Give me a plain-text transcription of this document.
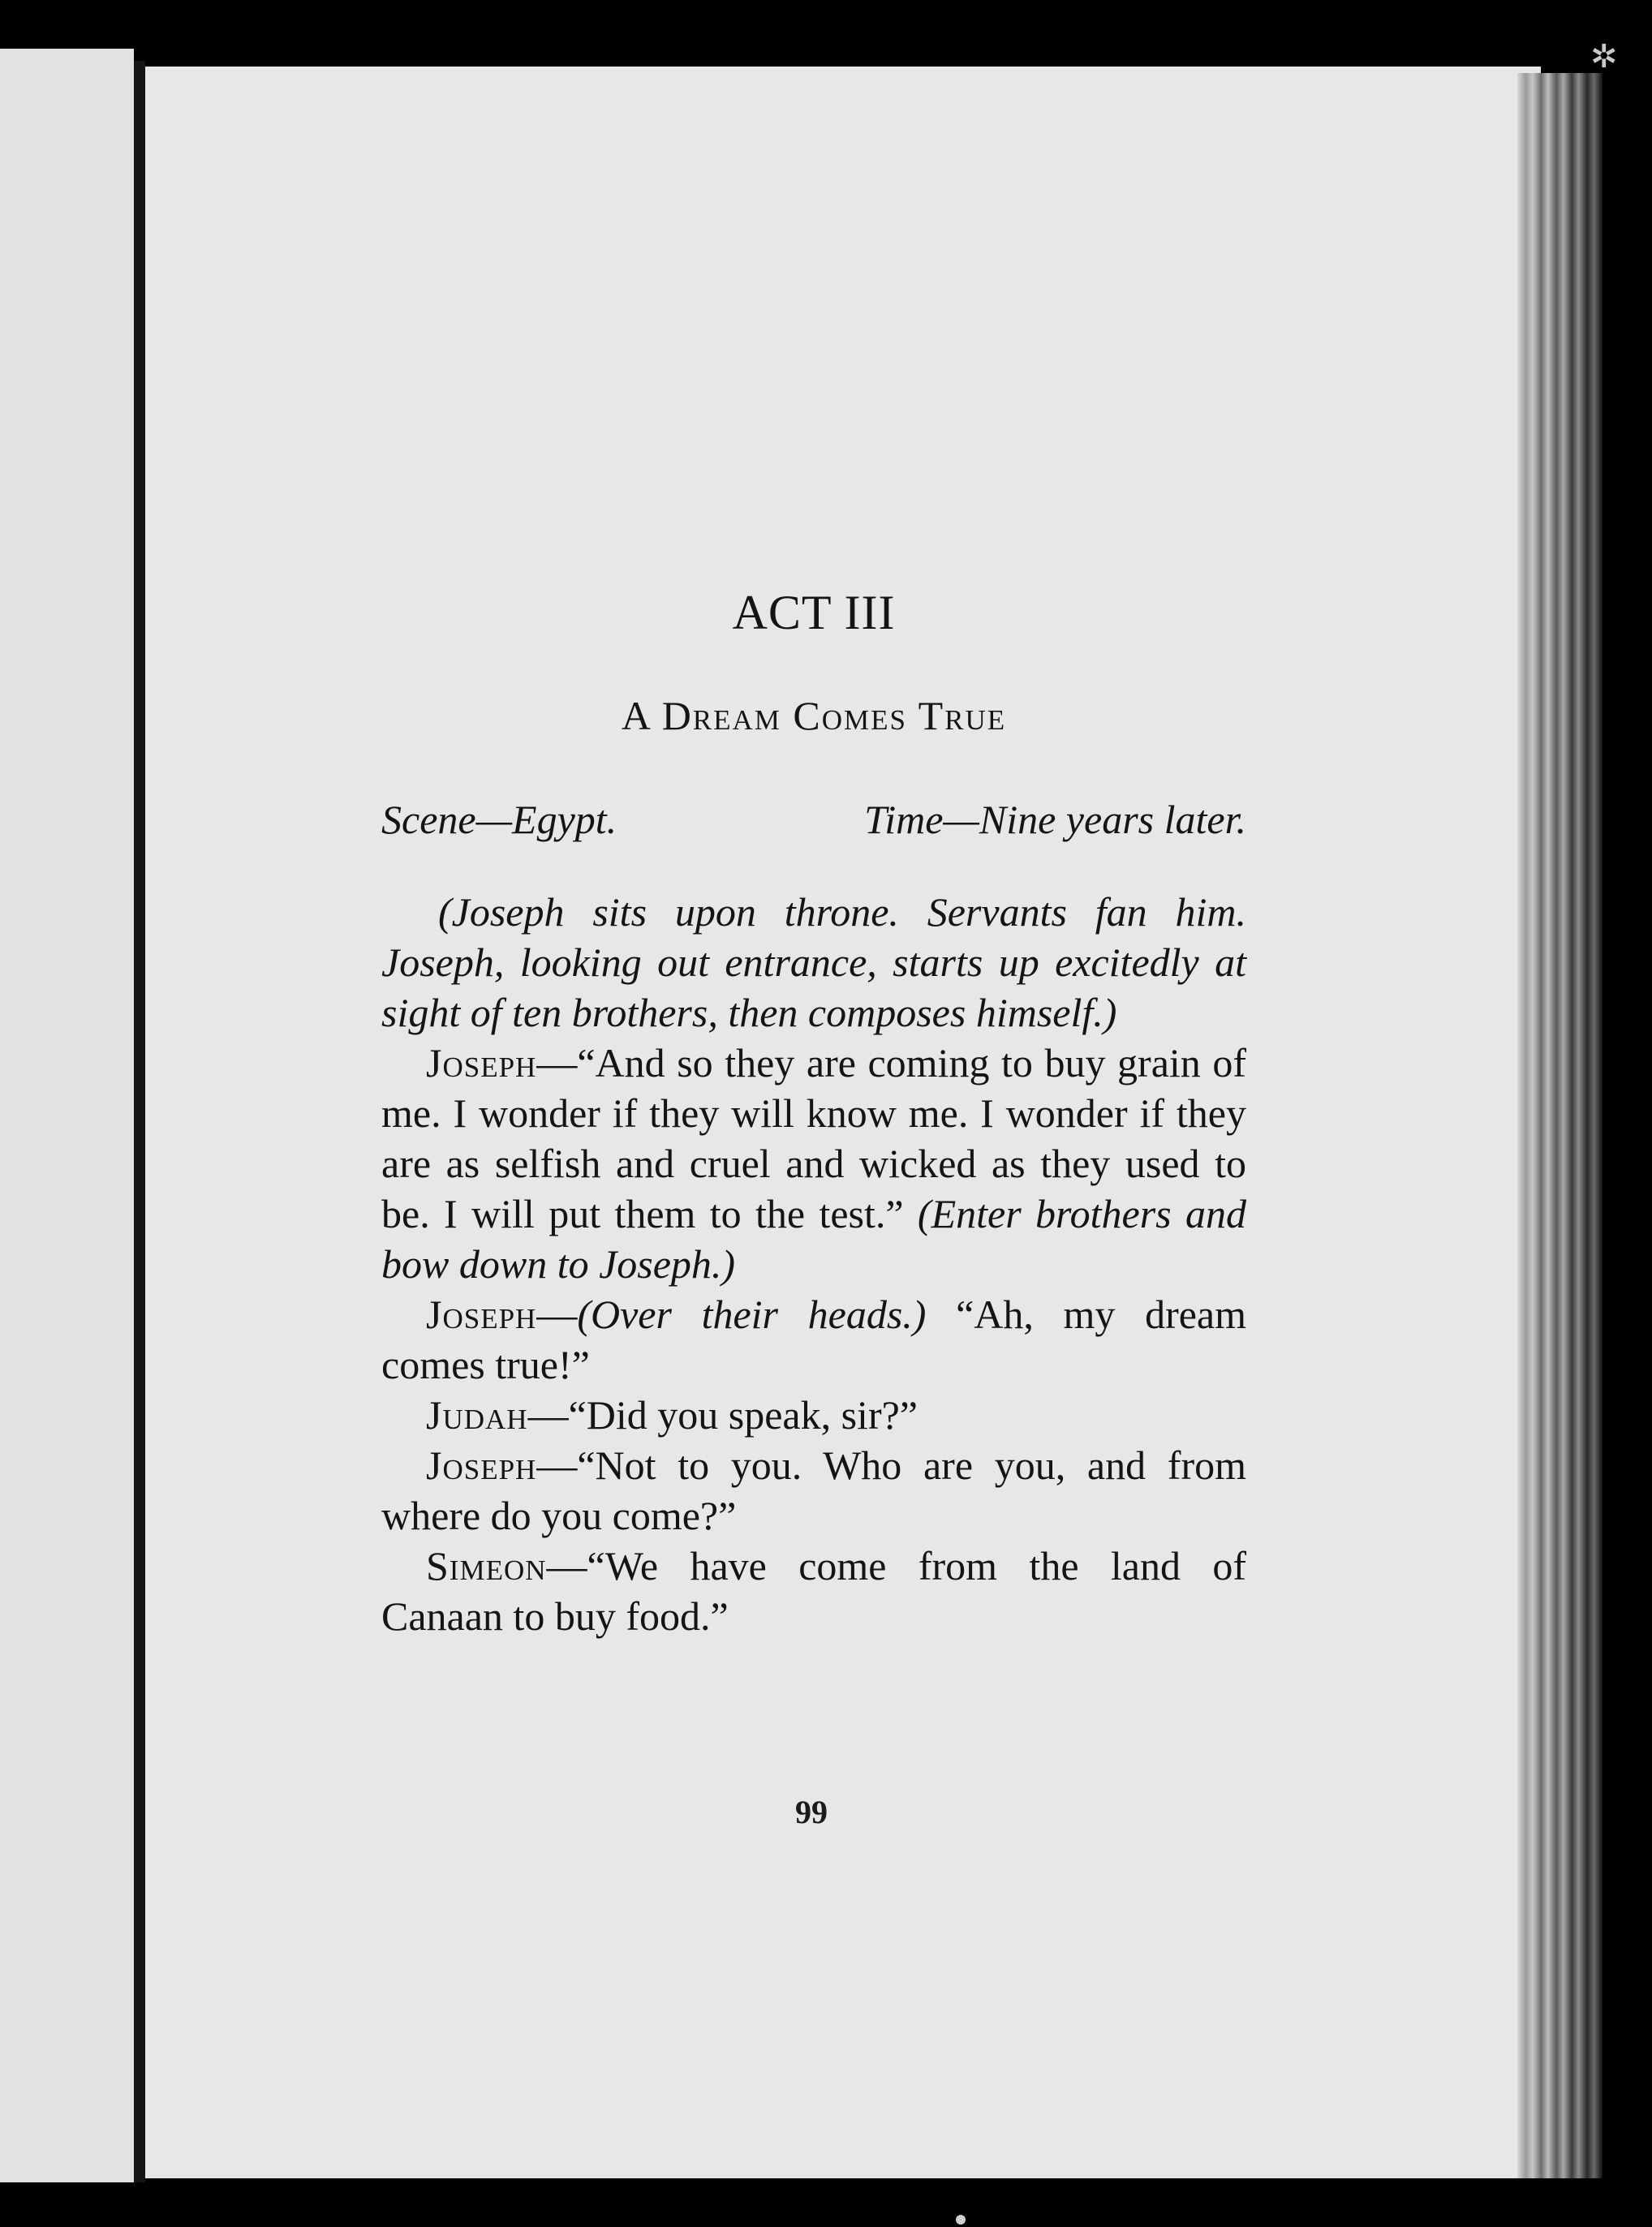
✲
ACT III
A Dream Comes True
Scene—Egypt.	Time—Nine years later.

(Joseph sits upon throne. Servants fan him. Joseph, looking out entrance, starts up excitedly at sight of ten brothers, then composes himself.)

Joseph—“And so they are coming to buy grain of me. I wonder if they will know me. I wonder if they are as selfish and cruel and wicked as they used to be. I will put them to the test.” (Enter brothers and bow down to Joseph.)

Joseph—(Over their heads.) “Ah, my dream comes true!”

Judah—“Did you speak, sir?”

Joseph—“Not to you. Who are you, and from where do you come?”

Simeon—“We have come from the land of Canaan to buy food.”

99
